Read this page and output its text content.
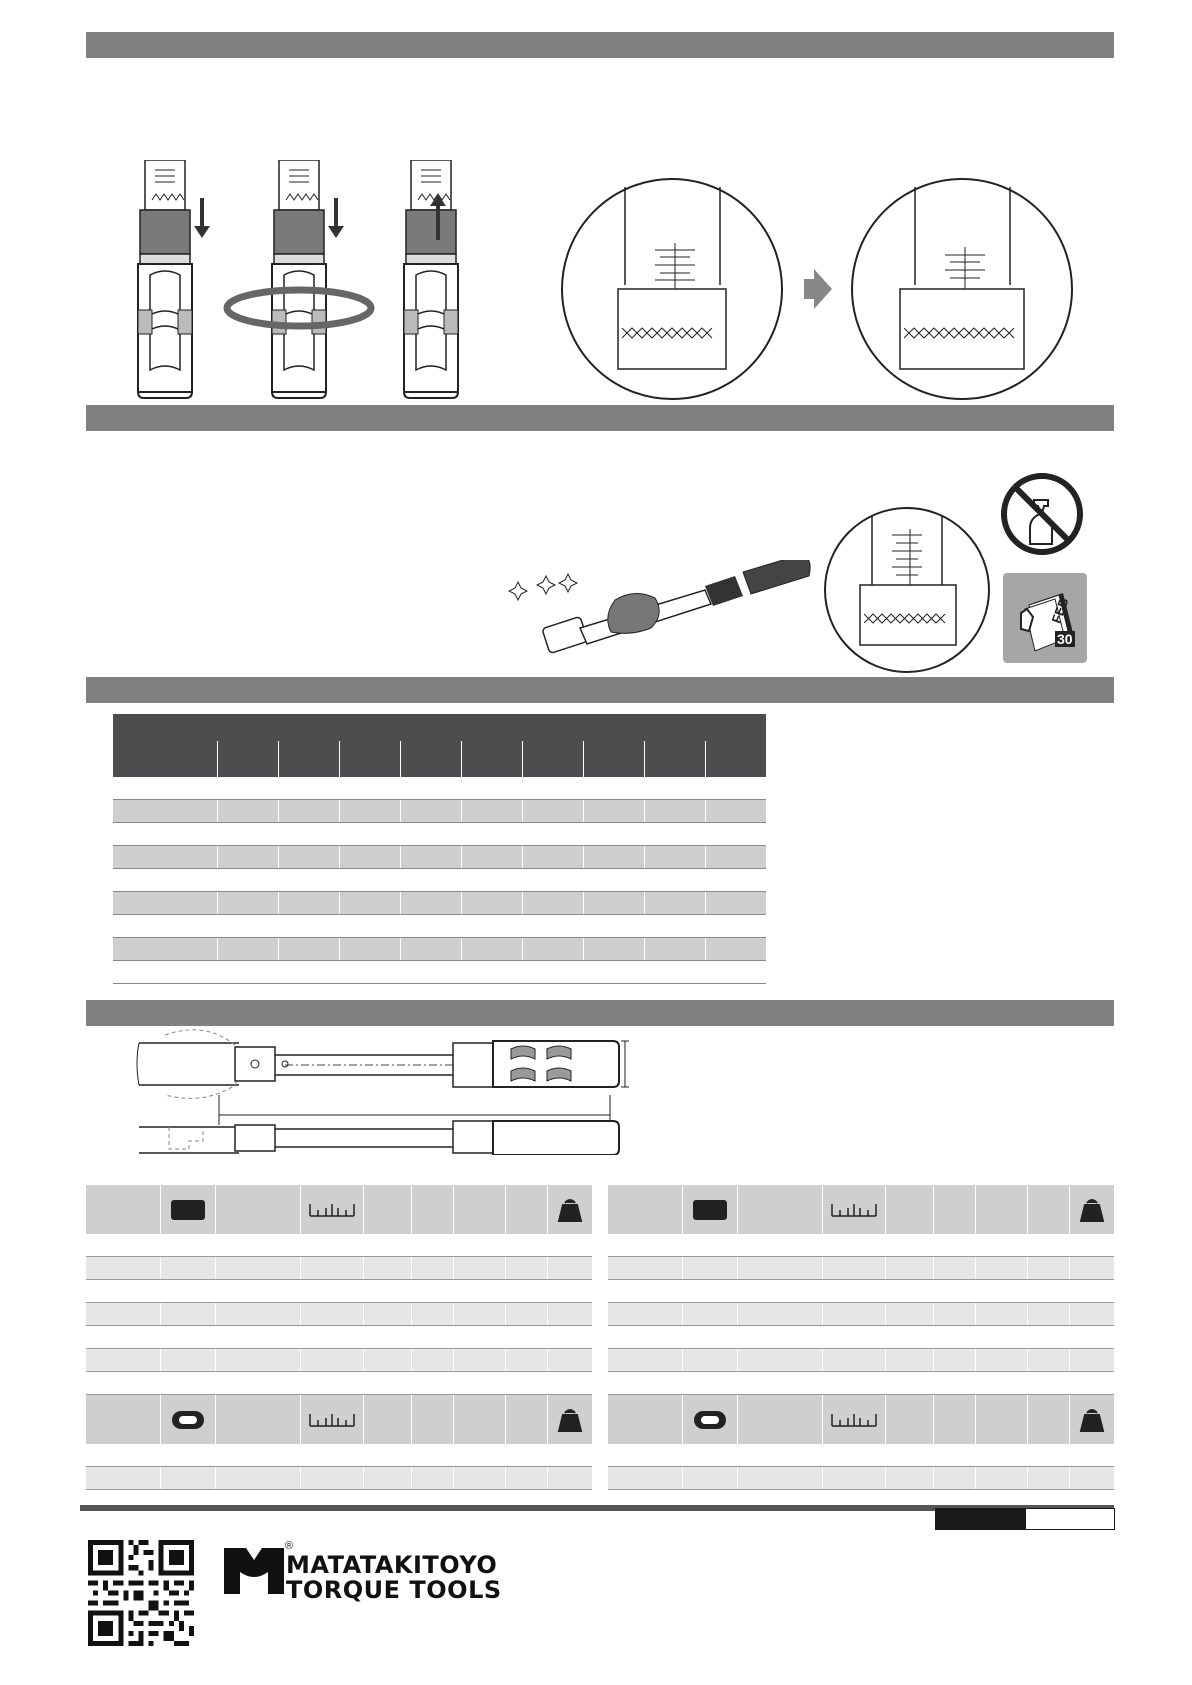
FEB
30

®
MATATAKITOYO
TORQUE TOOLS
